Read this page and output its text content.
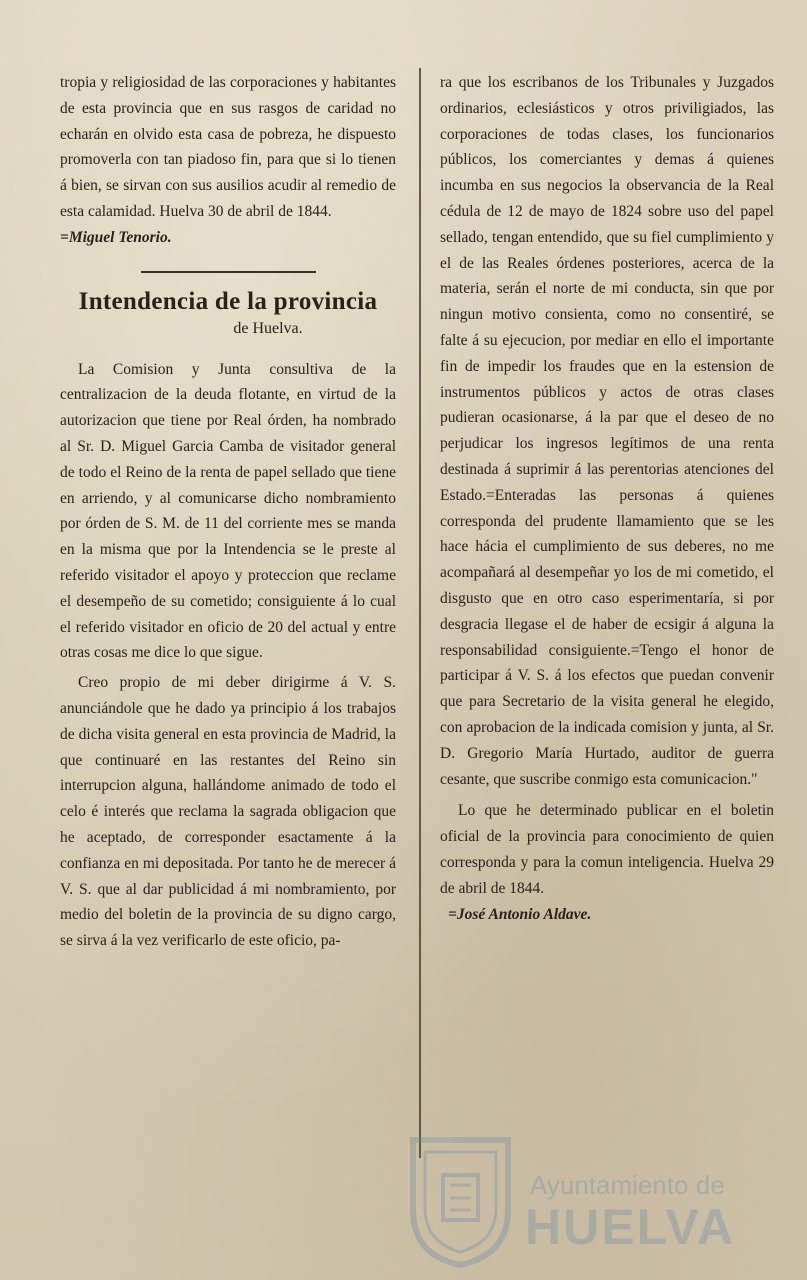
tropia y religiosidad de las corporaciones y habitantes de esta provincia que en sus rasgos de caridad no echarán en olvido esta casa de pobreza, he dispuesto promoverla con tan piadoso fin, para que si lo tienen á bien, se sirvan con sus ausilios acudir al remedio de esta calamidad. Huelva 30 de abril de 1844.

=Miguel Tenorio.

Intendencia de la provincia
de Huelva.

La Comision y Junta consultiva de la centralizacion de la deuda flotante, en virtud de la autorizacion que tiene por Real órden, ha nombrado al Sr. D. Miguel Garcia Camba de visitador general de todo el Reino de la renta de papel sellado que tiene en arriendo, y al comunicarse dicho nombramiento por órden de S. M. de 11 del corriente mes se manda en la misma que por la Intendencia se le preste al referido visitador el apoyo y proteccion que reclame el desempeño de su cometido; consiguiente á lo cual el referido visitador en oficio de 20 del actual y entre otras cosas me dice lo que sigue.

Creo propio de mi deber dirigirme á V. S. anunciándole que he dado ya principio á los trabajos de dicha visita general en esta provincia de Madrid, la que continuaré en las restantes del Reino sin interrupcion alguna, hallándome animado de todo el celo é interés que reclama la sagrada obligacion que he aceptado, de corresponder esactamente á la confianza en mi depositada. Por tanto he de merecer á V. S. que al dar publicidad á mi nombramiento, por medio del boletin de la provincia de su digno cargo, se sirva á la vez verificarlo de este oficio, pa-

ra que los escribanos de los Tribunales y Juzgados ordinarios, eclesiásticos y otros priviligiados, las corporaciones de todas clases, los funcionarios públicos, los comerciantes y demas á quienes incumba en sus negocios la observancia de la Real cédula de 12 de mayo de 1824 sobre uso del papel sellado, tengan entendido, que su fiel cumplimiento y el de las Reales órdenes posteriores, acerca de la materia, serán el norte de mi conducta, sin que por ningun motivo consienta, como no consentiré, se falte á su ejecucion, por mediar en ello el importante fin de impedir los fraudes que en la estension de instrumentos públicos y actos de otras clases pudieran ocasionarse, á la par que el deseo de no perjudicar los ingresos legítimos de una renta destinada á suprimir á las perentorias atenciones del Estado.=Enteradas las personas á quienes corresponda del prudente llamamiento que se les hace hácia el cumplimiento de sus deberes, no me acompañará al desempeñar yo los de mi cometido, el disgusto que en otro caso esperimentaría, si por desgracia llegase el de haber de ecsigir á alguna la responsabilidad consiguiente.=Tengo el honor de participar á V. S. á los efectos que puedan convenir que para Secretario de la visita general he elegido, con aprobacion de la indicada comision y junta, al Sr. D. Gregorio María Hurtado, auditor de guerra cesante, que suscribe conmigo esta comunicacion."

Lo que he determinado publicar en el boletin oficial de la provincia para conocimiento de quien corresponda y para la comun inteligencia. Huelva 29 de abril de 1844.

=José Antonio Aldave.

Ayuntamiento de
HUELVA
